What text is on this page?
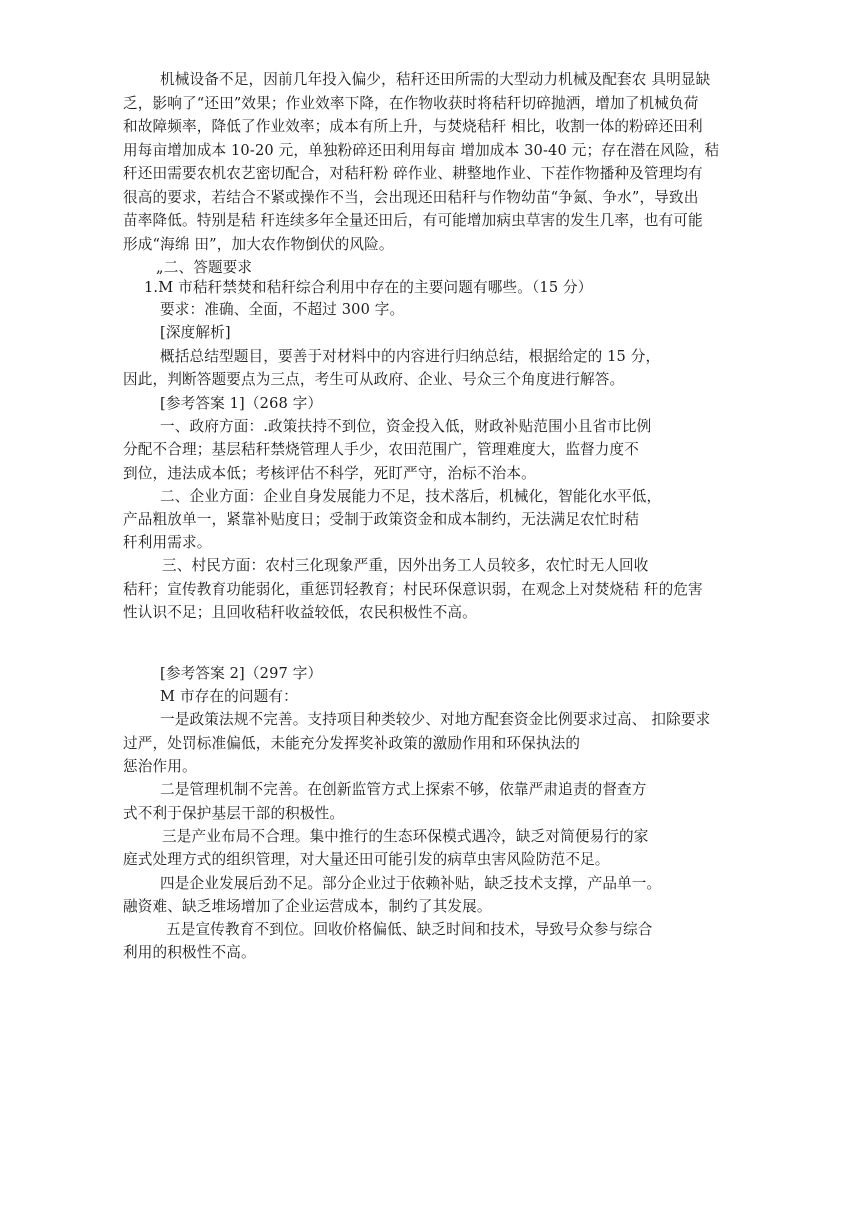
机械设备不足，因前几年投入偏少，秸秆还田所需的大型动力机械及配套农 具明显缺
乏，影响了“还田”效果；作业效率下降，在作物收获时将秸秆切碎抛洒，增加了机械负荷
和故障频率，降低了作业效率；成本有所上升，与焚烧秸秆 相比，收割一体的粉碎还田利
用每亩增加成本 10-20 元，单独粉碎还田利用每亩 增加成本 30-40 元；存在潜在风险，秸
秆还田需要农机农艺密切配合，对秸秆粉 碎作业、耕整地作业、下茬作物播种及管理均有
很高的要求，若结合不紧或操作不当，会出现还田秸秆与作物幼苗“争氮、争水”，导致出
苗率降低。特别是秸 秆连续多年全量还田后，有可能增加病虫草害的发生几率，也有可能
形成“海绵 田”，加大农作物倒伏的风险。
„二、答题要求
1.M 市秸秆禁焚和秸秆综合利用中存在的主要问题有哪些。（15 分）
要求：准确、全面，不超过 300 字。
[深度解析]
概括总结型题目，要善于对材料中的内容进行归纳总结，根据给定的 15 分，
因此，判断答题要点为三点，考生可从政府、企业、号众三个角度进行解答。
[参考答案 1]（268 字）
一、政府方面：.政策扶持不到位，资金投入低，财政补贴范围小且省市比例
分配不合理；基层秸秆禁烧管理人手少，农田范围广，管理难度大，监督力度不
到位，违法成本低；考核评估不科学，死盯严守，治标不治本。
二、企业方面：企业自身发展能力不足，技术落后，机械化，智能化水平低，
产品粗放单一，紧靠补贴度日；受制于政策资金和成本制约，无法满足农忙时秸
秆利用需求。
三、村民方面：农村三化现象严重，因外出务工人员较多，农忙时无人回收
秸秆；宣传教育功能弱化，重惩罚轻教育；村民环保意识弱，在观念上对焚烧秸 秆的危害
性认识不足；且回收秸秆收益较低，农民积极性不高。
[参考答案 2]（297 字）
M 市存在的问题有：
一是政策法规不完善。支持项目种类较少、对地方配套资金比例要求过高、 扣除要求
过严，处罚标准偏低，未能充分发挥奖补政策的激励作用和环保执法的
惩治作用。
二是管理机制不完善。在创新监管方式上探索不够，依靠严肃追责的督查方
式不利于保护基层干部的积极性。
三是产业布局不合理。集中推行的生态环保模式遇冷，缺乏对简便易行的家
庭式处理方式的组织管理，对大量还田可能引发的病草虫害风险防范不足。
四是企业发展后劲不足。部分企业过于依赖补贴，缺乏技术支撑，产品单一。
融资难、缺乏堆场增加了企业运营成本，制约了其发展。
五是宣传教育不到位。回收价格偏低、缺乏时间和技术，导致号众参与综合
利用的积极性不高。
